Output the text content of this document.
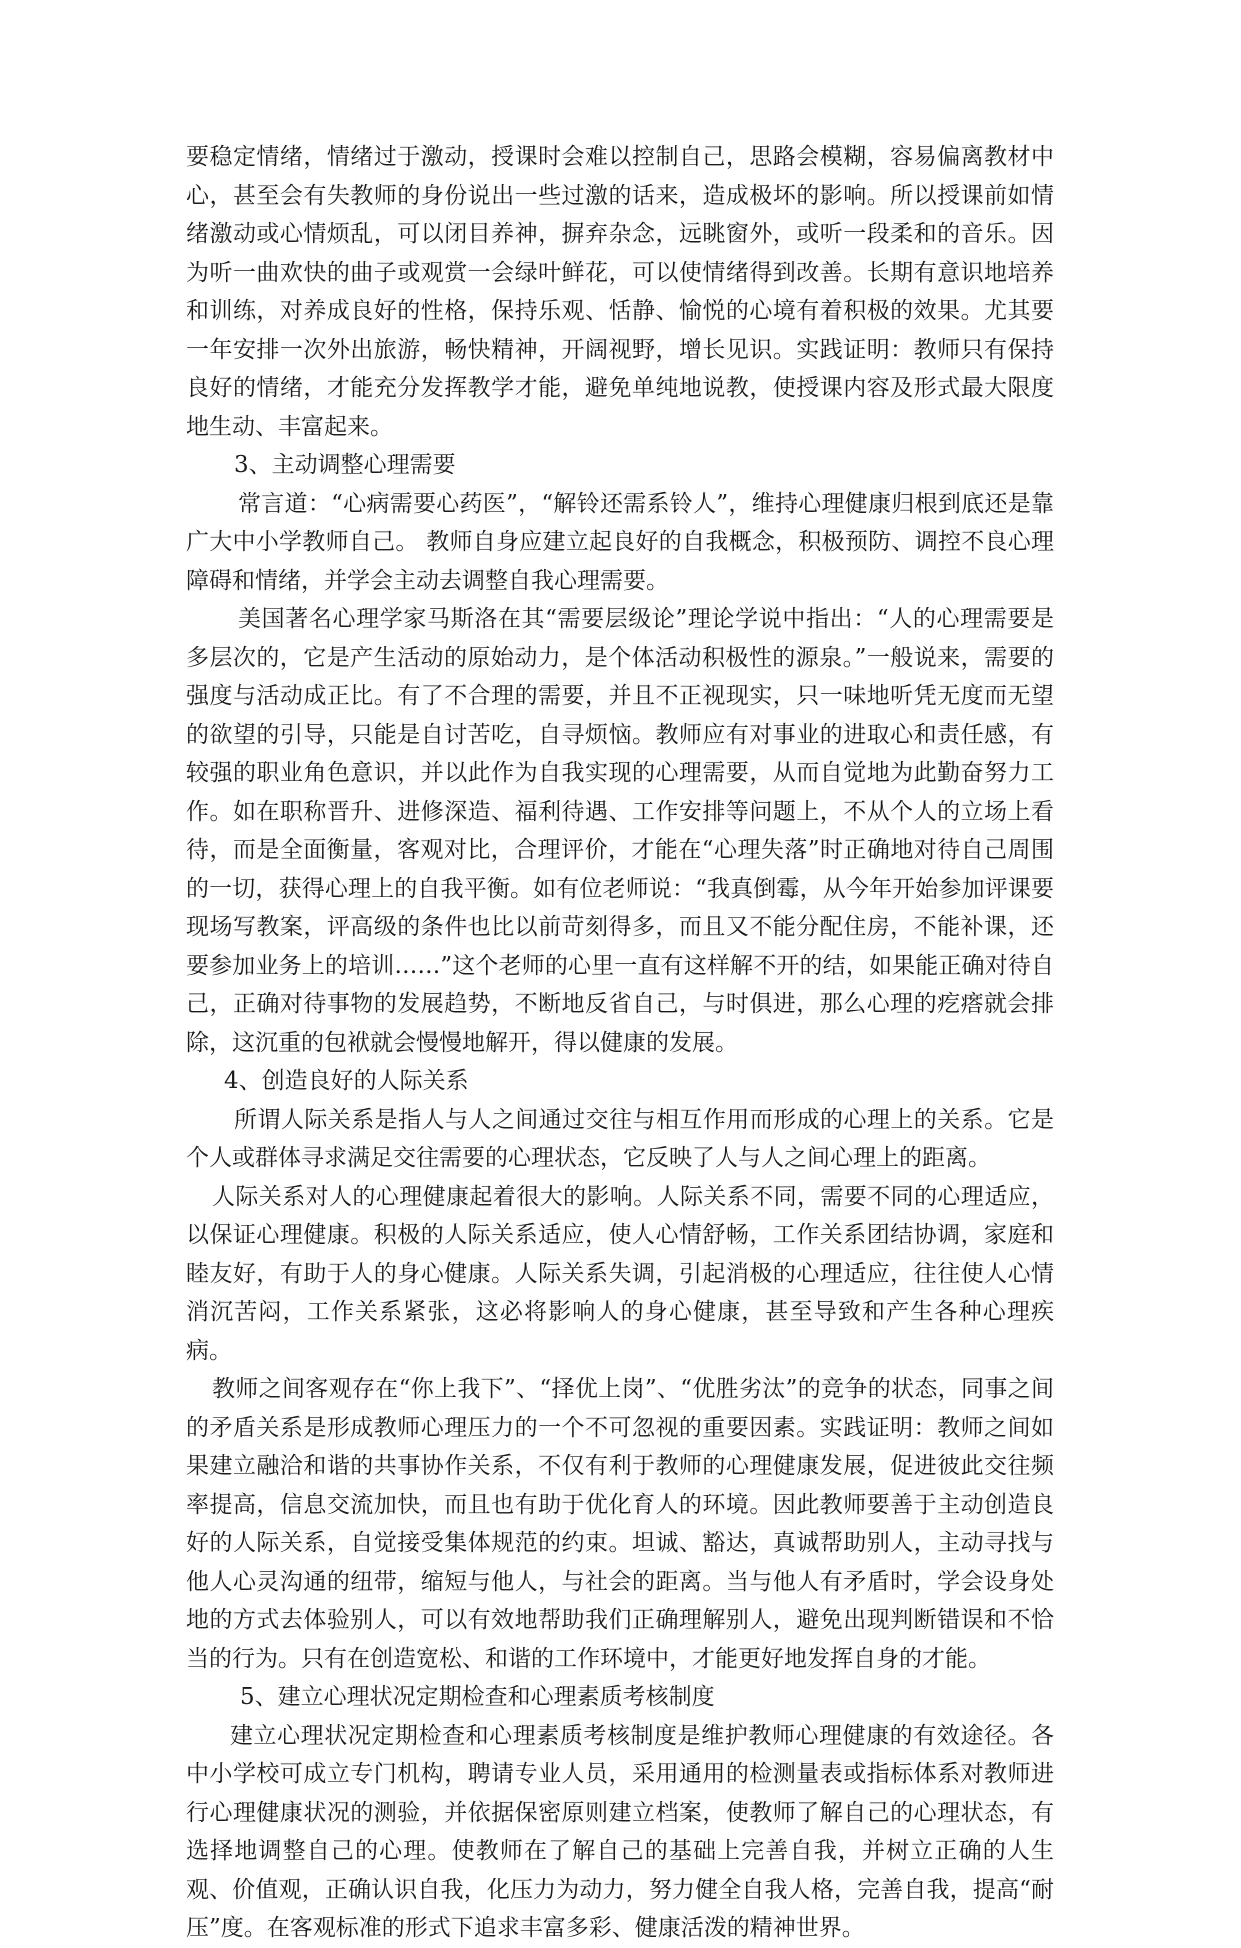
要稳定情绪，情绪过于激动，授课时会难以控制自己，思路会模糊，容易偏离教材中心，甚至会有失教师的身份说出一些过激的话来，造成极坏的影响。所以授课前如情绪激动或心情烦乱，可以闭目养神，摒弃杂念，远眺窗外，或听一段柔和的音乐。因为听一曲欢快的曲子或观赏一会绿叶鲜花，可以使情绪得到改善。长期有意识地培养和训练，对养成良好的性格，保持乐观、恬静、愉悦的心境有着积极的效果。尤其要一年安排一次外出旅游，畅快精神，开阔视野，增长见识。实践证明：教师只有保持良好的情绪，才能充分发挥教学才能，避免单纯地说教，使授课内容及形式最大限度地生动、丰富起来。

3、主动调整心理需要

常言道：“心病需要心药医”，“解铃还需系铃人”，维持心理健康归根到底还是靠广大中小学教师自己。 教师自身应建立起良好的自我概念，积极预防、调控不良心理障碍和情绪，并学会主动去调整自我心理需要。

美国著名心理学家马斯洛在其“需要层级论”理论学说中指出：“人的心理需要是多层次的，它是产生活动的原始动力，是个体活动积极性的源泉。”一般说来，需要的强度与活动成正比。有了不合理的需要，并且不正视现实，只一味地听凭无度而无望的欲望的引导，只能是自讨苦吃，自寻烦恼。教师应有对事业的进取心和责任感，有较强的职业角色意识，并以此作为自我实现的心理需要，从而自觉地为此勤奋努力工作。如在职称晋升、进修深造、福利待遇、工作安排等问题上，不从个人的立场上看待，而是全面衡量，客观对比，合理评价，才能在“心理失落”时正确地对待自己周围的一切，获得心理上的自我平衡。如有位老师说：“我真倒霉，从今年开始参加评课要现场写教案，评高级的条件也比以前苛刻得多，而且又不能分配住房，不能补课，还要参加业务上的培训……”这个老师的心里一直有这样解不开的结，如果能正确对待自己，正确对待事物的发展趋势，不断地反省自己，与时俱进，那么心理的疙瘩就会排除，这沉重的包袱就会慢慢地解开，得以健康的发展。

4、创造良好的人际关系

所谓人际关系是指人与人之间通过交往与相互作用而形成的心理上的关系。它是个人或群体寻求满足交往需要的心理状态，它反映了人与人之间心理上的距离。

人际关系对人的心理健康起着很大的影响。人际关系不同，需要不同的心理适应，以保证心理健康。积极的人际关系适应，使人心情舒畅，工作关系团结协调，家庭和睦友好，有助于人的身心健康。人际关系失调，引起消极的心理适应，往往使人心情消沉苦闷，工作关系紧张，这必将影响人的身心健康，甚至导致和产生各种心理疾病。

教师之间客观存在“你上我下”、“择优上岗”、“优胜劣汰”的竞争的状态，同事之间的矛盾关系是形成教师心理压力的一个不可忽视的重要因素。实践证明：教师之间如果建立融洽和谐的共事协作关系，不仅有利于教师的心理健康发展，促进彼此交往频率提高，信息交流加快，而且也有助于优化育人的环境。因此教师要善于主动创造良好的人际关系，自觉接受集体规范的约束。坦诚、豁达，真诚帮助别人，主动寻找与他人心灵沟通的纽带，缩短与他人，与社会的距离。当与他人有矛盾时，学会设身处地的方式去体验别人，可以有效地帮助我们正确理解别人，避免出现判断错误和不恰当的行为。只有在创造宽松、和谐的工作环境中，才能更好地发挥自身的才能。

5、建立心理状况定期检查和心理素质考核制度

建立心理状况定期检查和心理素质考核制度是维护教师心理健康的有效途径。各中小学校可成立专门机构，聘请专业人员，采用通用的检测量表或指标体系对教师进行心理健康状况的测验，并依据保密原则建立档案，使教师了解自己的心理状态，有选择地调整自己的心理。使教师在了解自己的基础上完善自我，并树立正确的人生观、价值观，正确认识自我，化压力为动力，努力健全自我人格，完善自我，提高“耐压”度。在客观标准的形式下追求丰富多彩、健康活泼的精神世界。
